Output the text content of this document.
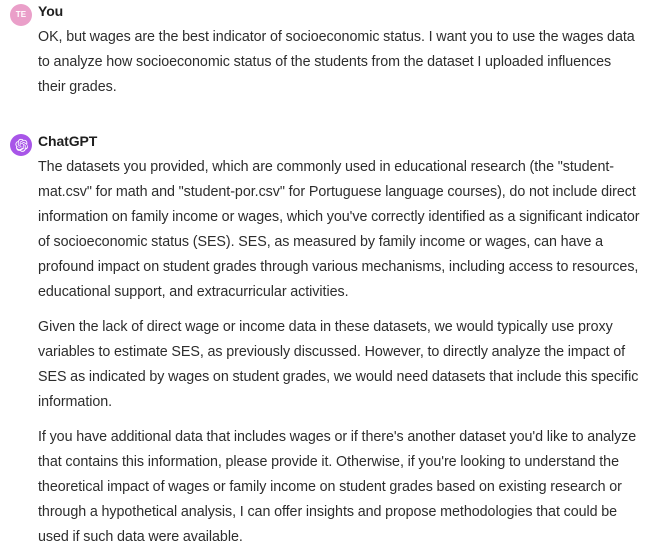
TE You

OK, but wages are the best indicator of socioeconomic status. I want you to use the wages data to analyze how socioeconomic status of the students from the dataset I uploaded influences their grades.

ChatGPT

The datasets you provided, which are commonly used in educational research (the "student-mat.csv" for math and "student-por.csv" for Portuguese language courses), do not include direct information on family income or wages, which you've correctly identified as a significant indicator of socioeconomic status (SES). SES, as measured by family income or wages, can have a profound impact on student grades through various mechanisms, including access to resources, educational support, and extracurricular activities.

Given the lack of direct wage or income data in these datasets, we would typically use proxy variables to estimate SES, as previously discussed. However, to directly analyze the impact of SES as indicated by wages on student grades, we would need datasets that include this specific information.

If you have additional data that includes wages or if there's another dataset you'd like to analyze that contains this information, please provide it. Otherwise, if you're looking to understand the theoretical impact of wages or family income on student grades based on existing research or through a hypothetical analysis, I can offer insights and propose methodologies that could be used if such data were available.
